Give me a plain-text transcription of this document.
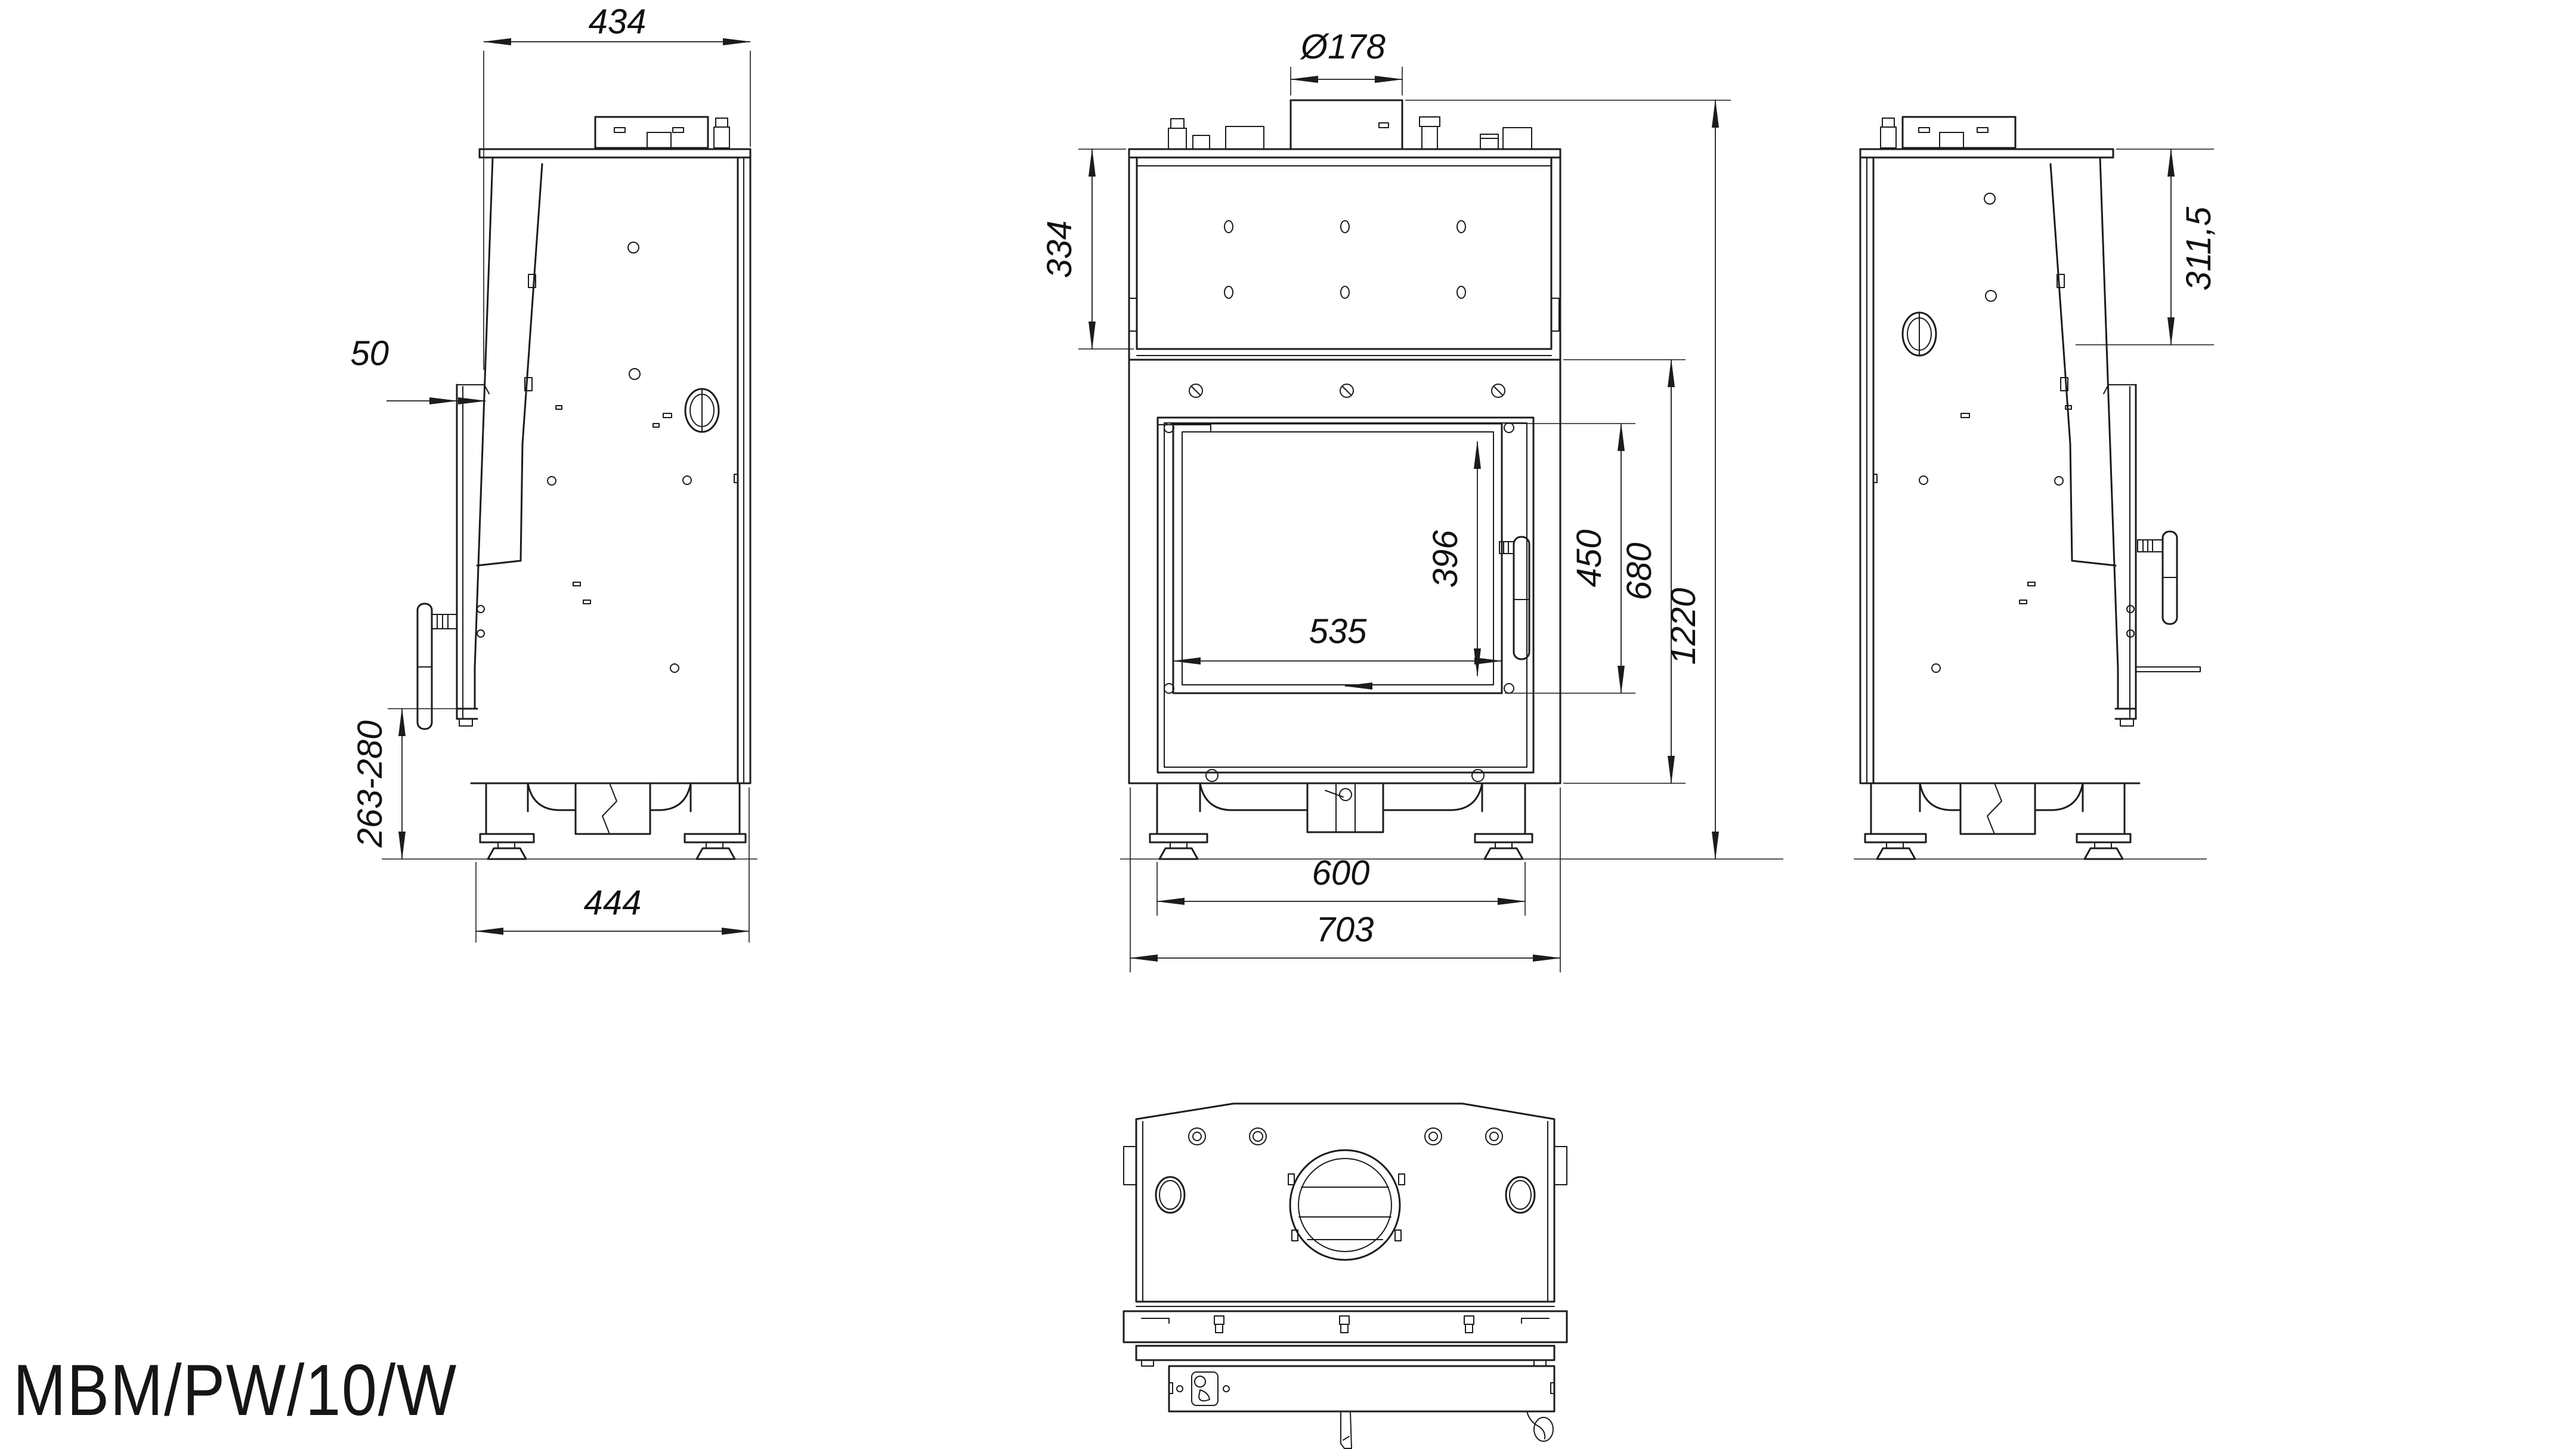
434
50
263-280
444
Ø178
396
535
334
450 680
1220
600
703
311,5
MBM/PW/10/W
